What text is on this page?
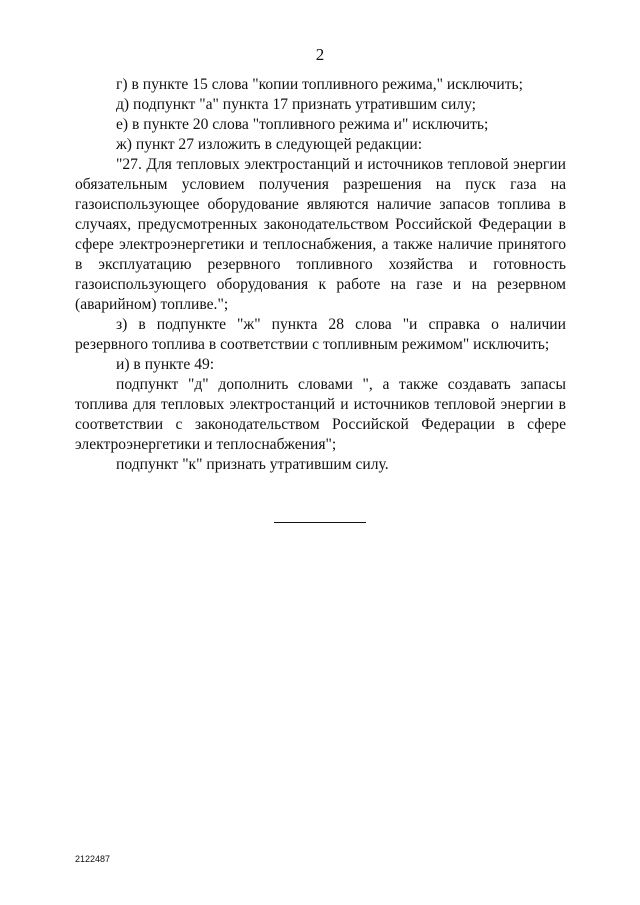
2

г) в пункте 15 слова "копии топливного режима," исключить;

д) подпункт "а" пункта 17 признать утратившим силу;

е) в пункте 20 слова "топливного режима и" исключить;

ж) пункт 27 изложить в следующей редакции:

"27. Для тепловых электростанций и источников тепловой энергии обязательным условием получения разрешения на пуск газа на газоиспользующее оборудование являются наличие запасов топлива в случаях, предусмотренных законодательством Российской Федерации в сфере электроэнергетики и теплоснабжения, а также наличие принятого в эксплуатацию резервного топливного хозяйства и готовность газоиспользующего оборудования к работе на газе и на резервном (аварийном) топливе.";

з) в подпункте "ж" пункта 28 слова "и справка о наличии резервного топлива в соответствии с топливным режимом" исключить;

и) в пункте 49:

подпункт "д" дополнить словами ", а также создавать запасы топлива для тепловых электростанций и источников тепловой энергии в соответствии с законодательством Российской Федерации в сфере электроэнергетики и теплоснабжения";

подпункт "к" признать утратившим силу.

2122487
